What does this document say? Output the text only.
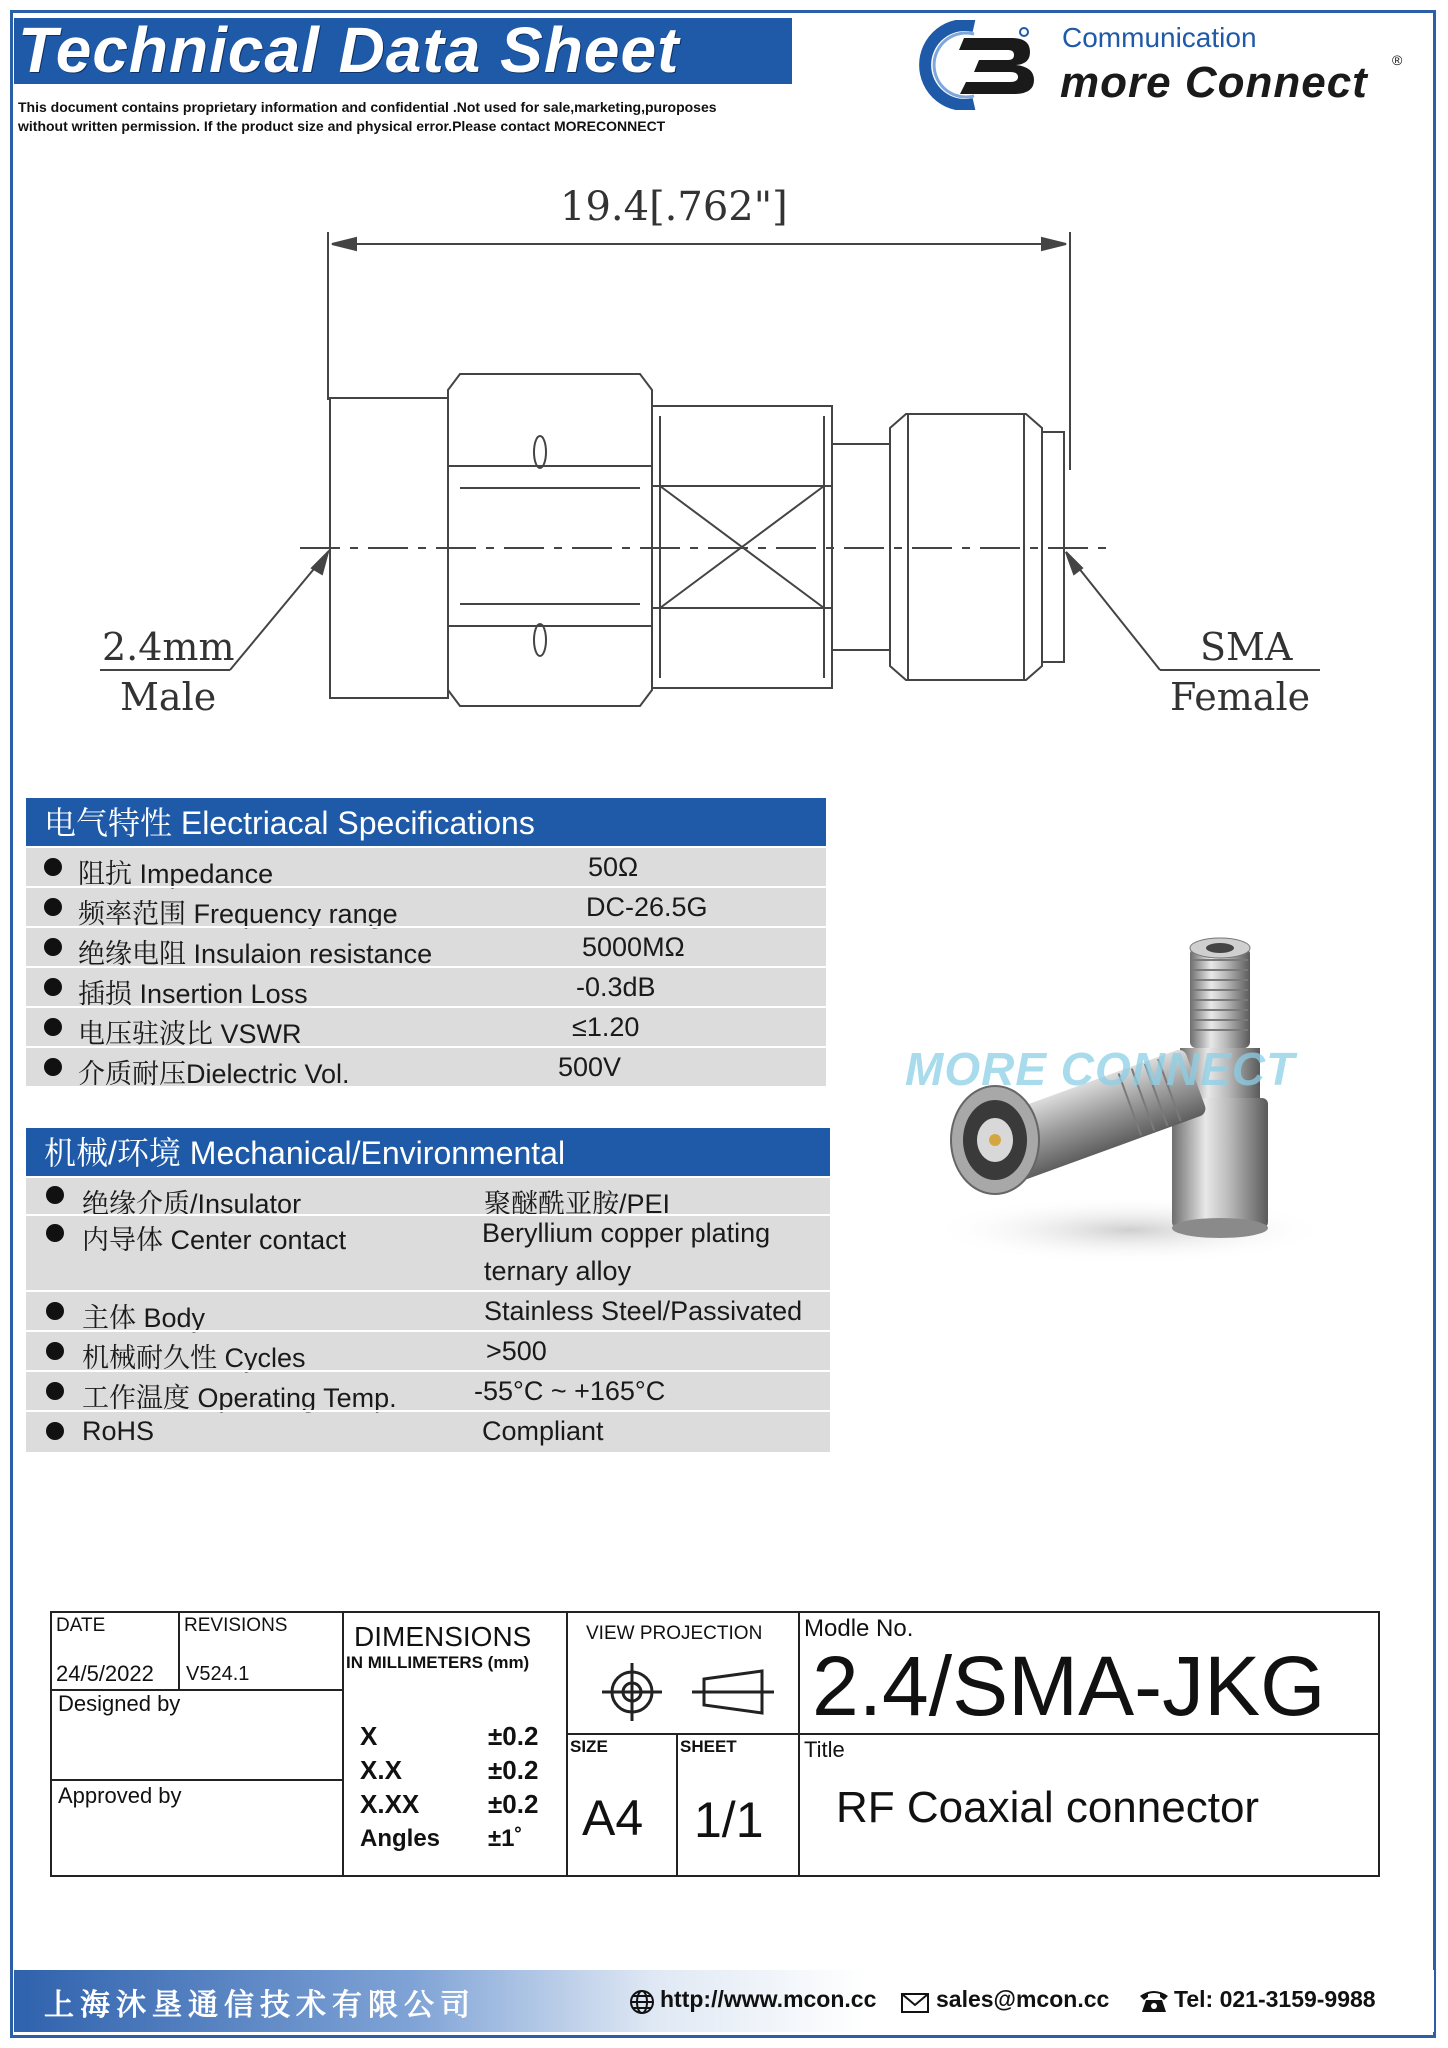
Technical Data Sheet
This document contains proprietary information and confidential .Not used for sale,marketing,puroposes
without written permission. If the product size and physical error.Please contact MORECONNECT
Communication
more Connect ®
19.4[.762"]
2.4mm
Male
SMA
Female
电气特性 Electriacal Specifications
阻抗 Impedance	50Ω
频率范围 Frequency range	DC-26.5G
绝缘电阻 Insulaion resistance	5000MΩ
插损 Insertion Loss	-0.3dB
电压驻波比 VSWR	≤1.20
介质耐压Dielectric Vol.	500V
机械/环境 Mechanical/Environmental
绝缘介质/Insulator	聚醚酰亚胺/PEI
内导体 Center contact	Beryllium copper plating
ternary alloy
主体 Body	Stainless Steel/Passivated
机械耐久性 Cycles	>500
工作温度 Operating Temp.	-55°C ~ +165°C
RoHS	Compliant
MORE CONNECT
DATE
24/5/2022
REVISIONS
V524.1
Designed by
Approved by
DIMENSIONS
IN MILLIMETERS (mm)
X	±0.2
X.X	±0.2
X.XX	±0.2
Angles ±1˚
VIEW PROJECTION
SIZE
A4
SHEET
1/1
Modle No.
2.4/SMA-JKG
Title
RF Coaxial connector
上海沐垦通信技术有限公司	http://www.mcon.cc	sales@mcon.cc	Tel: 021-3159-9988
